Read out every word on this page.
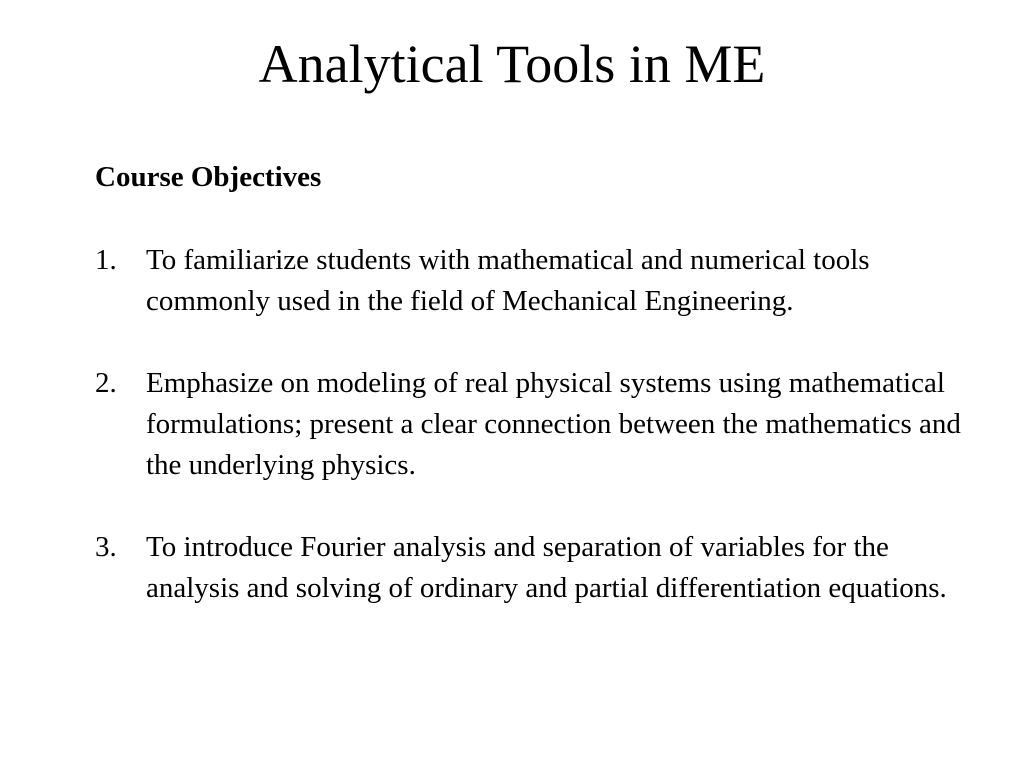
Analytical Tools in ME
Course Objectives
1. To familiarize students with mathematical and numerical tools commonly used in the field of Mechanical Engineering.
2. Emphasize on modeling of real physical systems using mathematical formulations; present a clear connection between the mathematics and the underlying physics.
3. To introduce Fourier analysis and separation of variables for the analysis and solving of ordinary and partial differentiation equations.
